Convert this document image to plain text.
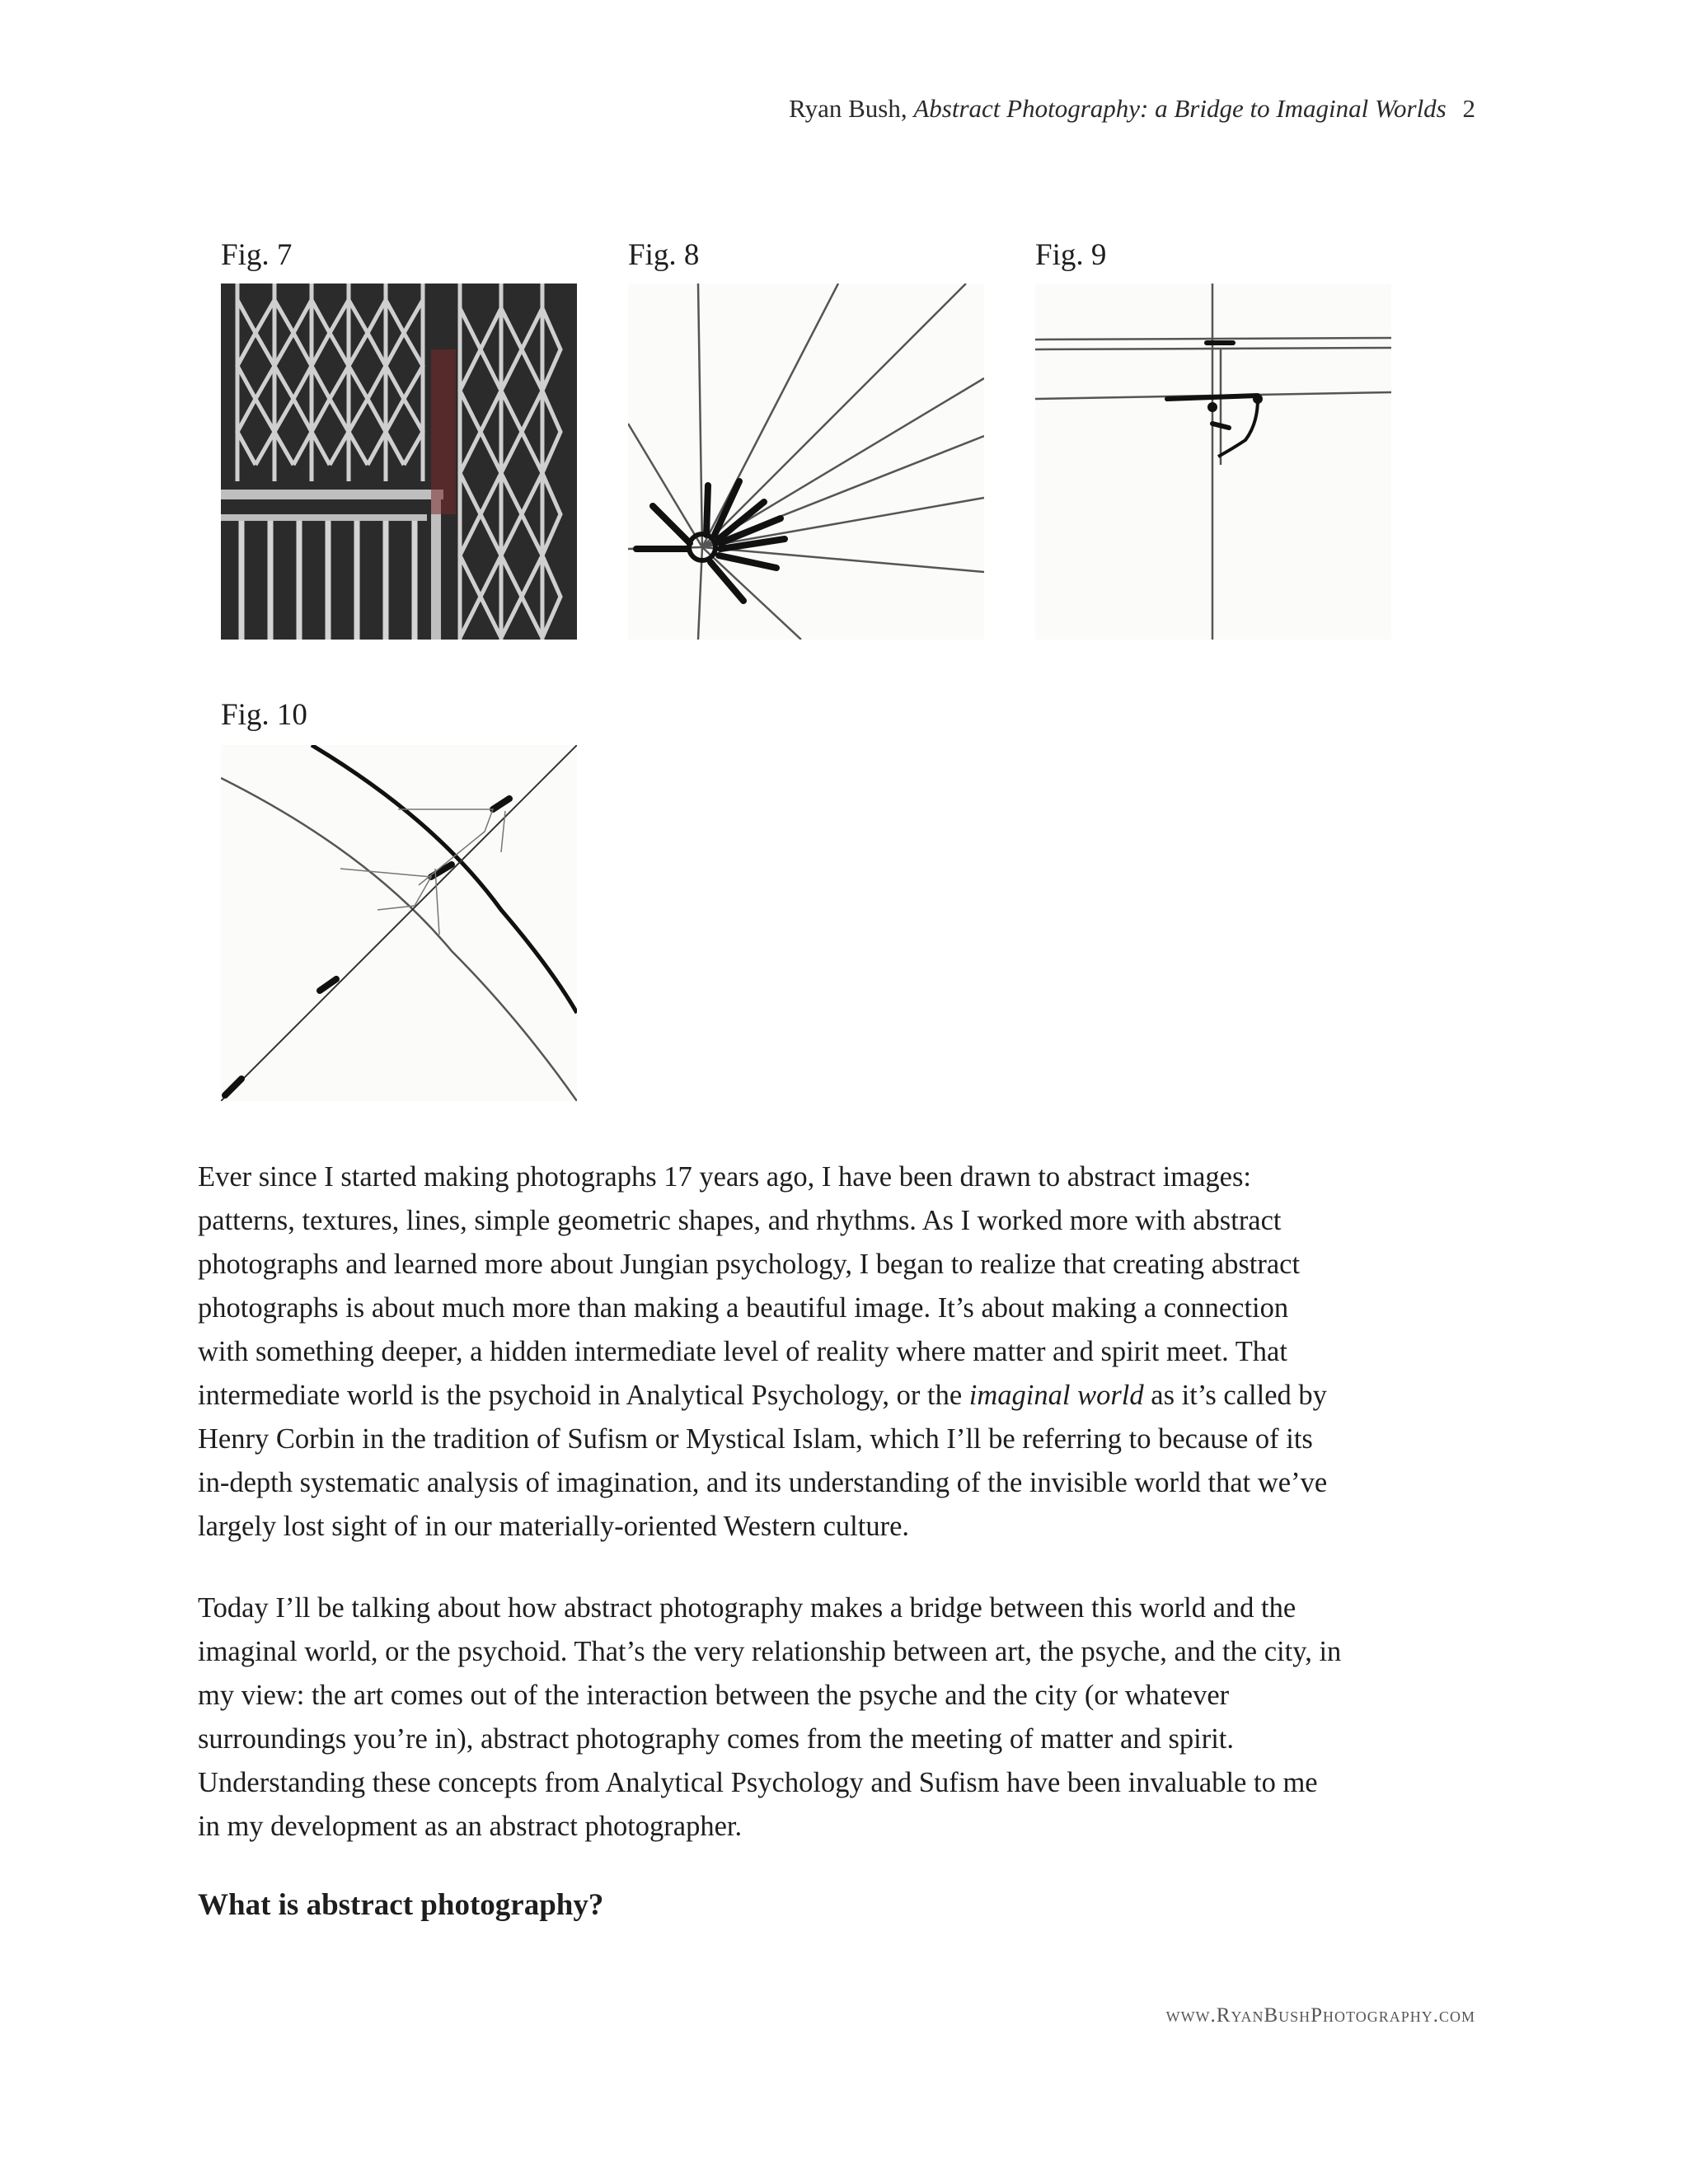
Ryan Bush, Abstract Photography: a Bridge to Imaginal Worlds 2
Fig. 7	Fig. 8	Fig. 9
Fig. 10

Ever since I started making photographs 17 years ago, I have been drawn to abstract images:

patterns, textures, lines, simple geometric shapes, and rhythms. As I worked more with abstract

photographs and learned more about Jungian psychology, I began to realize that creating abstract

photographs is about much more than making a beautiful image. It’s about making a connection

with something deeper, a hidden intermediate level of reality where matter and spirit meet. That

intermediate world is the psychoid in Analytical Psychology, or the imaginal world as it’s called by

Henry Corbin in the tradition of Sufism or Mystical Islam, which I’ll be referring to because of its

in-depth systematic analysis of imagination, and its understanding of the invisible world that we’ve

largely lost sight of in our materially-oriented Western culture.

Today I’ll be talking about how abstract photography makes a bridge between this world and the

imaginal world, or the psychoid. That’s the very relationship between art, the psyche, and the city, in

my view: the art comes out of the interaction between the psyche and the city (or whatever

surroundings you’re in), abstract photography comes from the meeting of matter and spirit.

Understanding these concepts from Analytical Psychology and Sufism have been invaluable to me

in my development as an abstract photographer.

What is abstract photography?
www.RyanBushPhotography.com
